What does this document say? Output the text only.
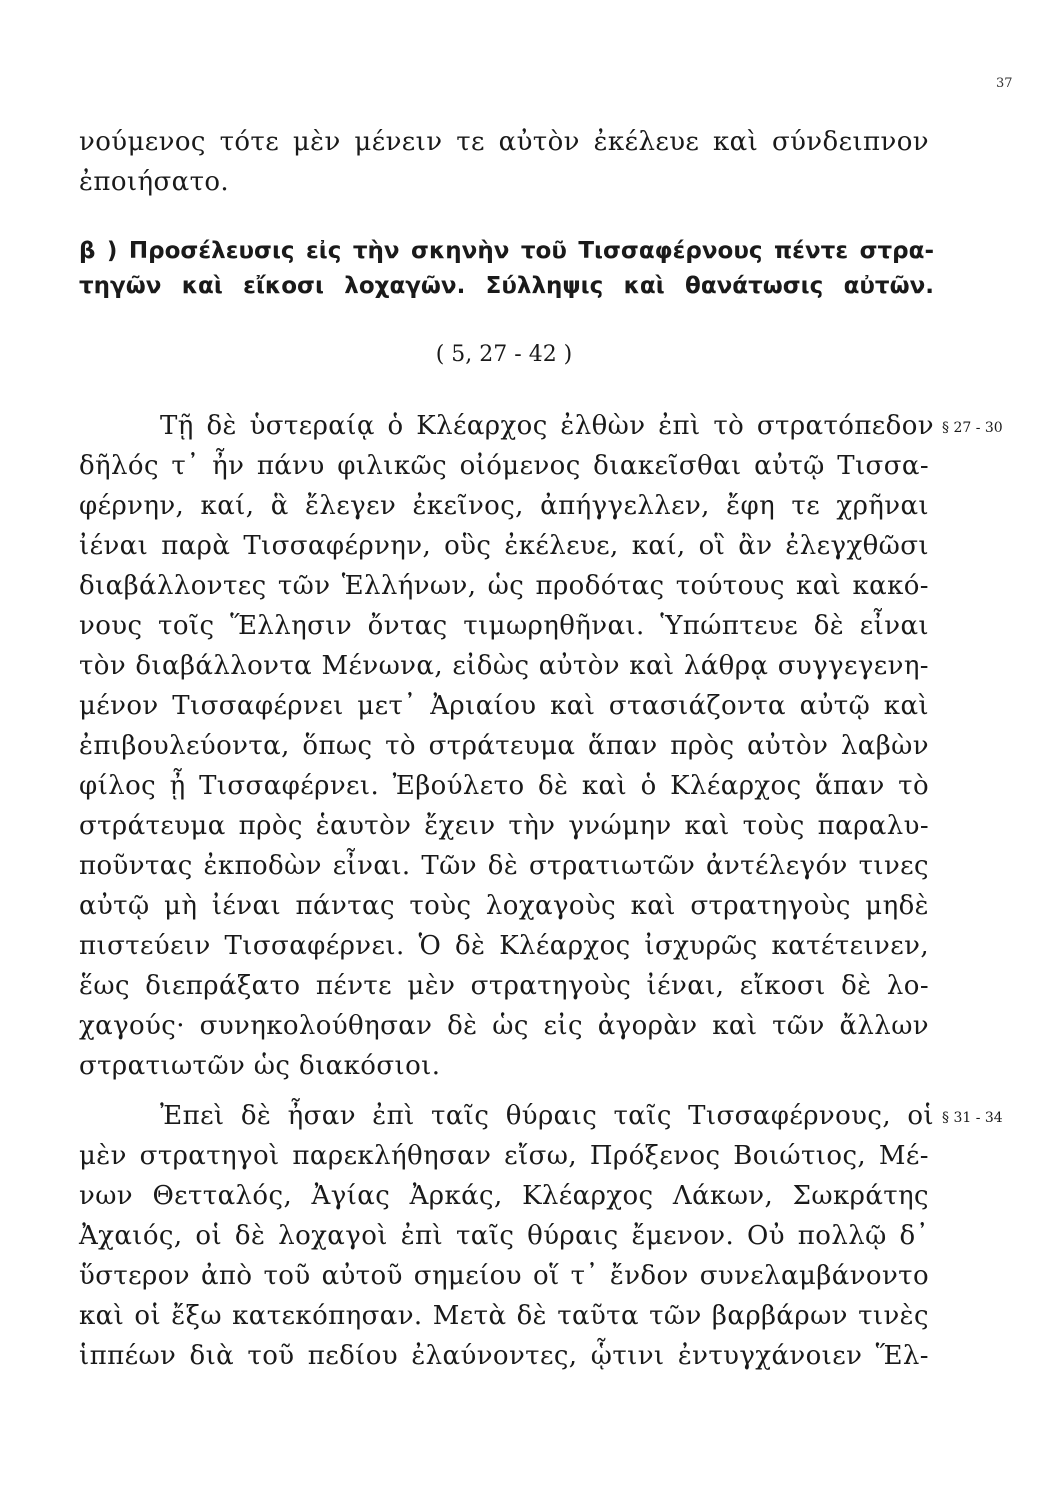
37
νούμενος τότε μὲν μένειν τε αὐτὸν ἐκέλευε καὶ σύνδειπνον
ἐποιήσατο.
β ) Προσέλευσις εἰς τὴν σκηνὴν τοῦ Τισσαφέρνους πέντε στρα-
τηγῶν καὶ εἴκοσι λοχαγῶν. Σύλληψις καὶ θανάτωσις αὐτῶν.
( 5, 27 - 42 )
Τῇ δὲ ὑστεραίᾳ ὁ Κλέαρχος ἐλθὼν ἐπὶ τὸ στρατόπεδον § 27 - 30
δῆλός τ᾽ ἦν πάνυ φιλικῶς οἰόμενος διακεῖσθαι αὐτῷ Τισσα-
φέρνην, καί, ἃ ἔλεγεν ἐκεῖνος, ἀπήγγελλεν, ἔφη τε χρῆναι
ἰέναι παρὰ Τισσαφέρνην, οὓς ἐκέλευε, καί, οἳ ἂν ἐλεγχθῶσι
διαβάλλοντες τῶν Ἑλλήνων, ὡς προδότας τούτους καὶ κακό-
νους τοῖς Ἕλλησιν ὄντας τιμωρηθῆναι. Ὑπώπτευε δὲ εἶναι
τὸν διαβάλλοντα Μένωνα, εἰδὼς αὐτὸν καὶ λάθρᾳ συγγεγενη-
μένον Τισσαφέρνει μετ᾽ Ἀριαίου καὶ στασιάζοντα αὐτῷ καὶ
ἐπιβουλεύοντα, ὅπως τὸ στράτευμα ἅπαν πρὸς αὐτὸν λαβὼν
φίλος ᾖ Τισσαφέρνει. Ἐβούλετο δὲ καὶ ὁ Κλέαρχος ἅπαν τὸ
στράτευμα πρὸς ἑαυτὸν ἔχειν τὴν γνώμην καὶ τοὺς παραλυ-
ποῦντας ἐκποδὼν εἶναι. Τῶν δὲ στρατιωτῶν ἀντέλεγόν τινες
αὐτῷ μὴ ἰέναι πάντας τοὺς λοχαγοὺς καὶ στρατηγοὺς μηδὲ
πιστεύειν Τισσαφέρνει. Ὁ δὲ Κλέαρχος ἰσχυρῶς κατέτεινεν,
ἕως διεπράξατο πέντε μὲν στρατηγοὺς ἰέναι, εἴκοσι δὲ λο-
χαγούς· συνηκολούθησαν δὲ ὡς εἰς ἀγορὰν καὶ τῶν ἄλλων
στρατιωτῶν ὡς διακόσιοι.
Ἐπεὶ δὲ ἦσαν ἐπὶ ταῖς θύραις ταῖς Τισσαφέρνους, οἱ § 31 - 34
μὲν στρατηγοὶ παρεκλήθησαν εἴσω, Πρόξενος Βοιώτιος, Μέ-
νων Θετταλός, Ἀγίας Ἀρκάς, Κλέαρχος Λάκων, Σωκράτης
Ἀχαιός, οἱ δὲ λοχαγοὶ ἐπὶ ταῖς θύραις ἔμενον. Οὐ πολλῷ δ᾽
ὕστερον ἀπὸ τοῦ αὐτοῦ σημείου οἵ τ᾽ ἔνδον συνελαμβάνοντο
καὶ οἱ ἔξω κατεκόπησαν. Μετὰ δὲ ταῦτα τῶν βαρβάρων τινὲς
ἱππέων διὰ τοῦ πεδίου ἐλαύνοντες, ᾧτινι ἐντυγχάνοιεν Ἕλ-
